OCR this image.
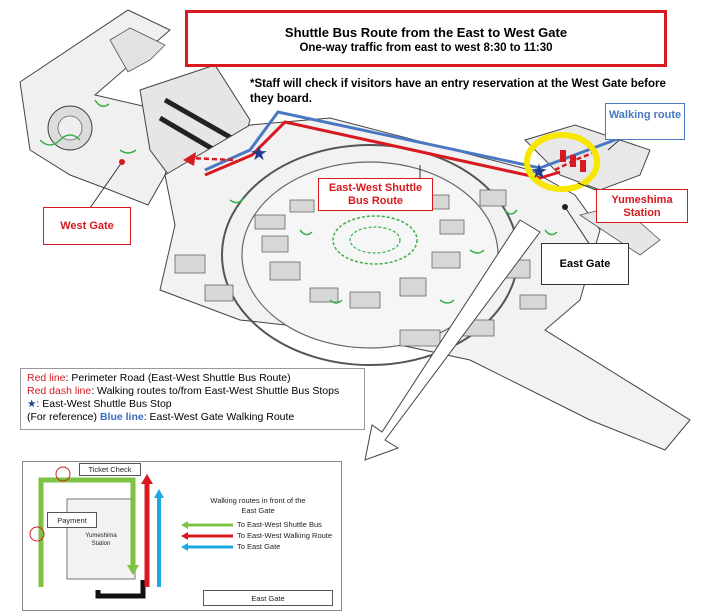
★
★
Shuttle Bus Route from the East to West Gate
One-way traffic from east to west 8:30 to 11:30
*Staff will check if visitors have an entry reservation at the West Gate before they board.
Walking route
East-West Shuttle
Bus Route	Yumeshima
Station
West Gate
East Gate
Red line: Perimeter Road (East-West Shuttle Bus Route)
Red dash line: Walking routes to/from East-West Shuttle Bus Stops
★: East-West Shuttle Bus Stop
(For reference) Blue line: East-West Gate Walking Route
Ticket Check
Payment
Yumeshima
Station
Walking routes in front of the
East Gate
To East-West Shuttle Bus
To East-West Walking Route
To East Gate
East Gate
